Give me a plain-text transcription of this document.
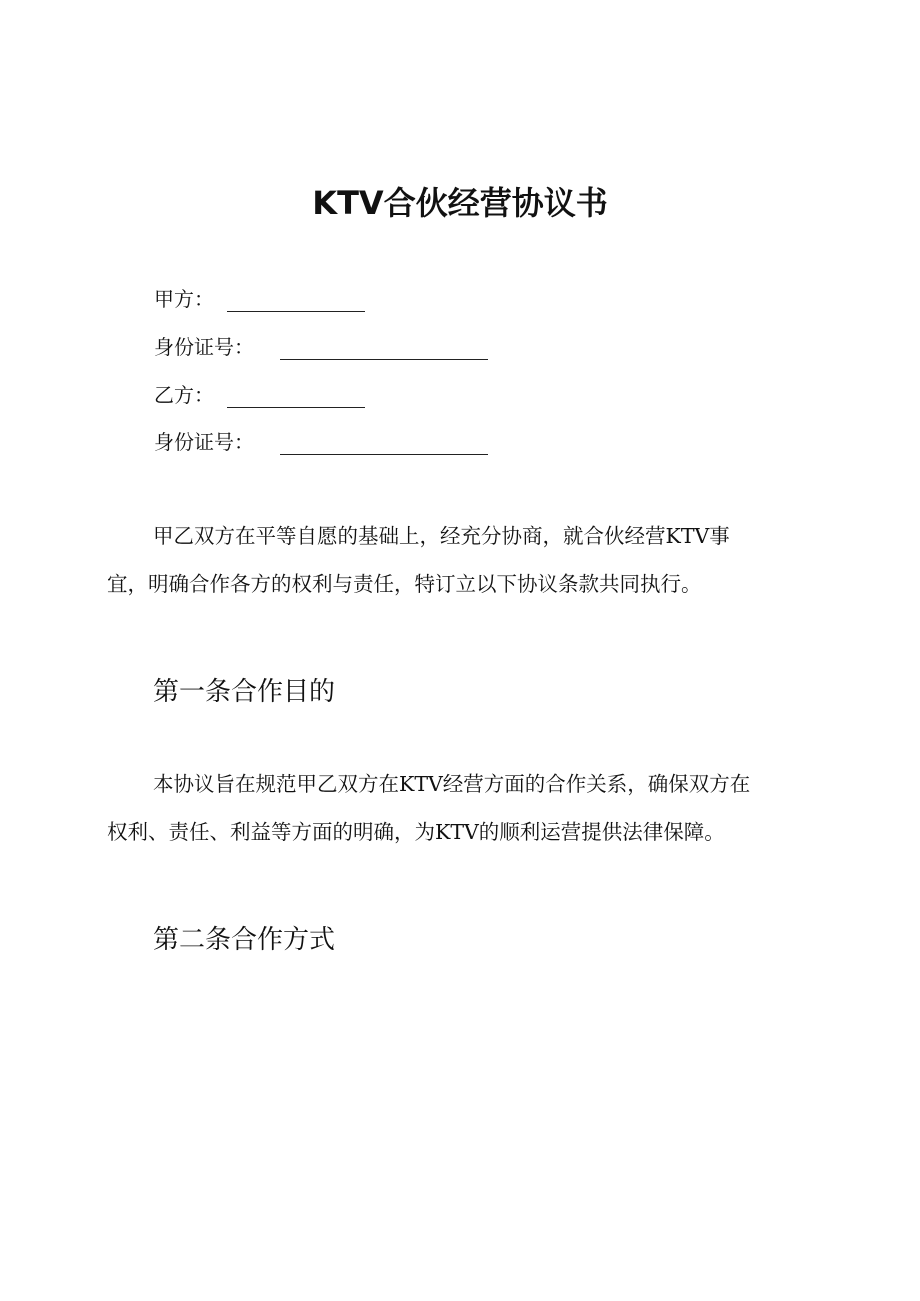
KTV合伙经营协议书
甲方：
身份证号：
乙方：
身份证号：
甲乙双方在平等自愿的基础上，经充分协商，就合伙经营KTV事
宜，明确合作各方的权利与责任，特订立以下协议条款共同执行。
第一条合作目的
本协议旨在规范甲乙双方在KTV经营方面的合作关系，确保双方在
权利、责任、利益等方面的明确，为KTV的顺利运营提供法律保障。
第二条合作方式
